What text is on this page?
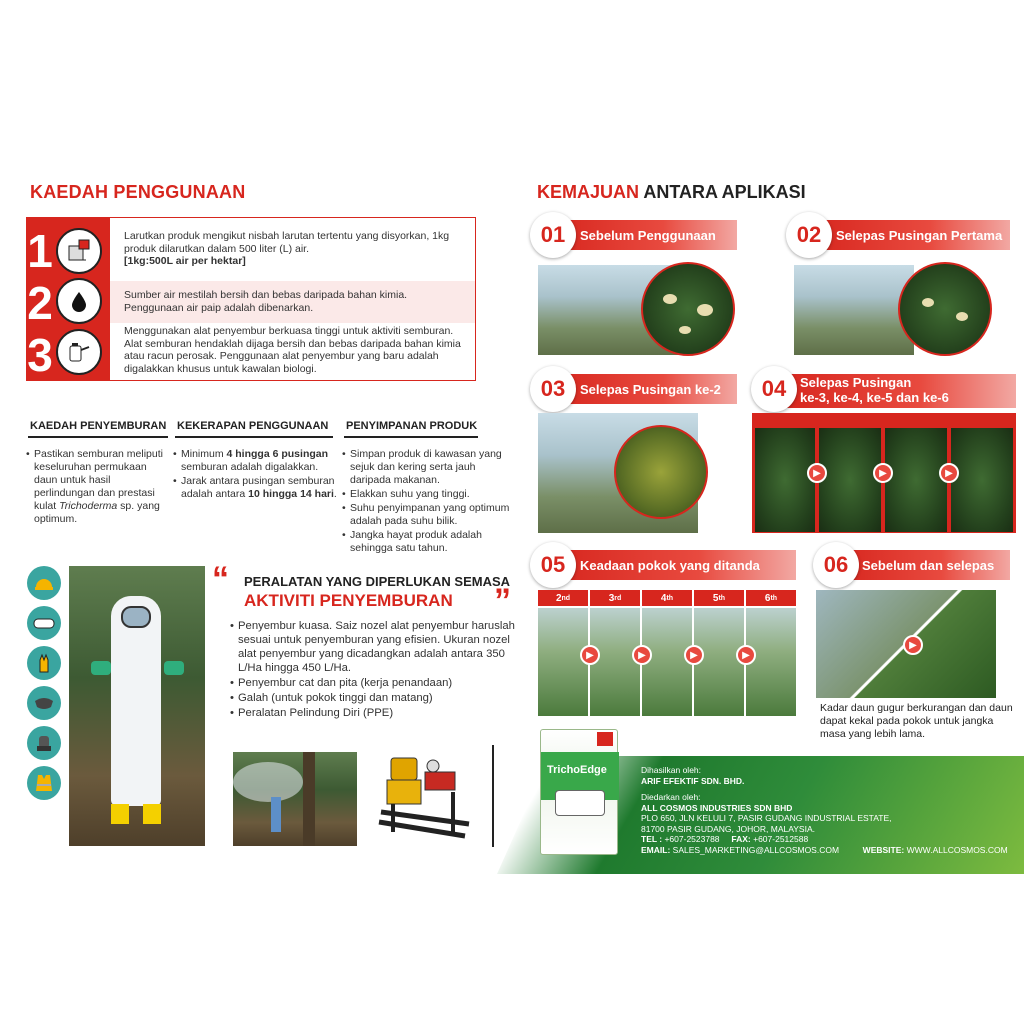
KAEDAH PENGGUNAAN
1	Larutkan produk mengikut nisbah larutan tertentu yang disyorkan, 1kg produk dilarutkan dalam 500 liter (L) air.
[1kg:500L air per hektar]
2	Sumber air mestilah bersih dan bebas daripada bahan kimia. Penggunaan air paip adalah dibenarkan.
3	Menggunakan alat penyembur berkuasa tinggi untuk aktiviti semburan. Alat semburan hendaklah dijaga bersih dan bebas daripada bahan kimia atau racun perosak. Penggunaan alat penyembur yang baru adalah digalakkan khusus untuk kawalan biologi.
KAEDAH PENYEMBURAN
• Pastikan semburan meliputi keseluruhan permukaan daun untuk hasil perlindungan dan prestasi kulat Trichoderma sp. yang optimum.
KEKERAPAN PENGGUNAAN
• Minimum 4 hingga 6 pusingan semburan adalah digalakkan.
• Jarak antara pusingan semburan adalah antara 10 hingga 14 hari.
PENYIMPANAN PRODUK
• Simpan produk di kawasan yang sejuk dan kering serta jauh daripada makanan.
• Elakkan suhu yang tinggi.
• Suhu penyimpanan yang optimum adalah pada suhu bilik.
• Jangka hayat produk adalah sehingga satu tahun.
“ PERALATAN YANG DIPERLUKAN SEMASA
AKTIVITI PENYEMBURAN ”
• Penyembur kuasa. Saiz nozel alat penyembur haruslah sesuai untuk penyemburan yang efisien. Ukuran nozel alat penyembur yang dicadangkan adalah antara 350 L/Ha hingga 450 L/Ha.
• Penyembur cat dan pita (kerja penandaan)
• Galah (untuk pokok tinggi dan matang)
• Peralatan Pelindung Diri (PPE)
KEMAJUAN ANTARA APLIKASI
Sebelum Penggunaan
01	Selepas Pusingan Pertama
02
Selepas Pusingan ke-2
03	Selepas Pusingan
ke-3, ke-4, ke-5 dan ke-6
04
▶	▶	▶
Keadaan pokok yang ditanda
05
2 nd	3 rd	4 th	5 th	6 th
▶	▶	▶	▶
Sebelum dan selepas
06
▶
Kadar daun gugur berkurangan dan daun dapat kekal pada pokok untuk jangka masa yang lebih lama.
TrichoEdge	Dihasilkan oleh:
ARIF EFEKTIF SDN. BHD.
Diedarkan oleh:
ALL COSMOS INDUSTRIES SDN BHD
PLO 650, JLN KELULI 7, PASIR GUDANG INDUSTRIAL ESTATE,
81700 PASIR GUDANG, JOHOR, MALAYSIA.
TEL : +607-2523788 FAX: +607-2512588
EMAIL: SALES_MARKETING@ALLCOSMOS.COM	WEBSITE: WWW.ALLCOSMOS.COM
